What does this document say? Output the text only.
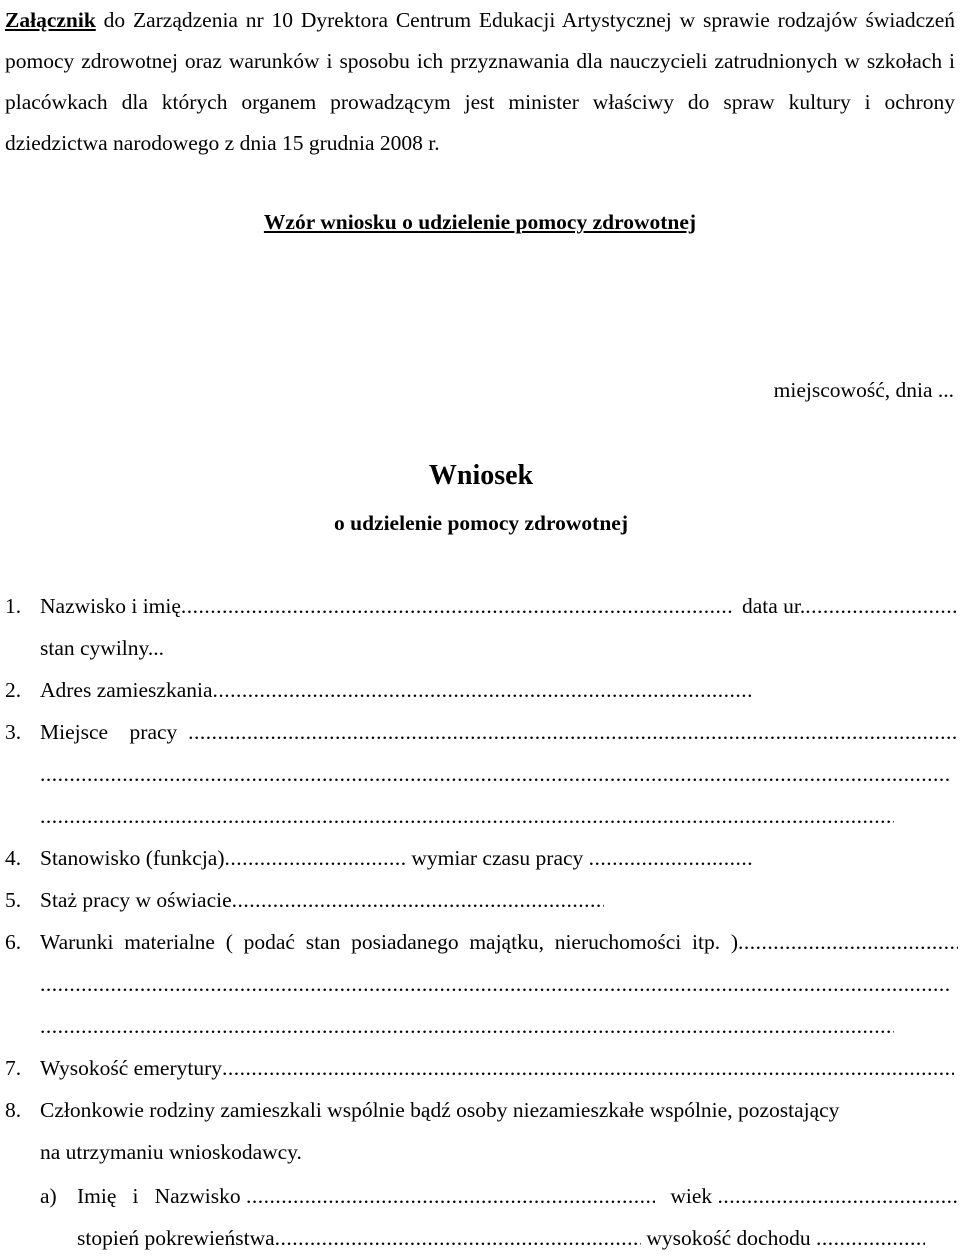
Załącznik do Zarządzenia nr 10 Dyrektora Centrum Edukacji Artystycznej w sprawie rodzajów świadczeń pomocy zdrowotnej oraz warunków i sposobu ich przyznawania dla nauczycieli zatrudnionych w szkołach i placówkach dla których organem prowadzącym jest minister właściwy do spraw kultury i ochrony dziedzictwa narodowego z dnia 15 grudnia 2008 r.
Wzór wniosku o udzielenie pomocy zdrowotnej
miejscowość, dnia ...
Wniosek
o udzielenie pomocy zdrowotnej
1. Nazwisko i imię .....	data ur.
.....
stan cywilny...
2. Adres zamieszkania
.....
3. Miejsce    pracy
.....
.....
.....
4. Stanowisko (funkcja) .....	wymiar czasu pracy
.....
5. Staż pracy w oświacie
.....
6. Warunki  materialne  (  podać  stan  posiadanego  majątku,  nieruchomości  itp.  )
.....
.....
.....
7. Wysokość emerytury
.....
8. Członkowie rodziny zamieszkali wspólnie bądź osoby niezamieszkałe wspólnie, pozostający
na utrzymaniu wnioskodawcy.
a) Imię   i   Nazwisko .....	wiek
.....
stopień pokrewieństwa .....	wysokość dochodu
.....
